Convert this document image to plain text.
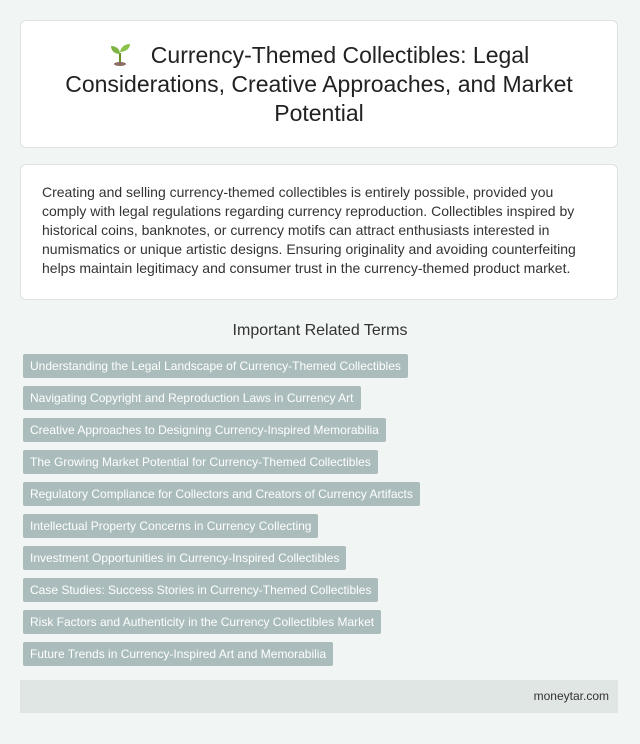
Currency-Themed Collectibles: Legal Considerations, Creative Approaches, and Market Potential

Creating and selling currency-themed collectibles is entirely possible, provided you comply with legal regulations regarding currency reproduction. Collectibles inspired by historical coins, banknotes, or currency motifs can attract enthusiasts interested in numismatics or unique artistic designs. Ensuring originality and avoiding counterfeiting helps maintain legitimacy and consumer trust in the currency-themed product market.

Important Related Terms
Understanding the Legal Landscape of Currency-Themed Collectibles
Navigating Copyright and Reproduction Laws in Currency Art
Creative Approaches to Designing Currency-Inspired Memorabilia
The Growing Market Potential for Currency-Themed Collectibles
Regulatory Compliance for Collectors and Creators of Currency Artifacts
Intellectual Property Concerns in Currency Collecting
Investment Opportunities in Currency-Inspired Collectibles
Case Studies: Success Stories in Currency-Themed Collectibles
Risk Factors and Authenticity in the Currency Collectibles Market
Future Trends in Currency-Inspired Art and Memorabilia
moneytar.com
